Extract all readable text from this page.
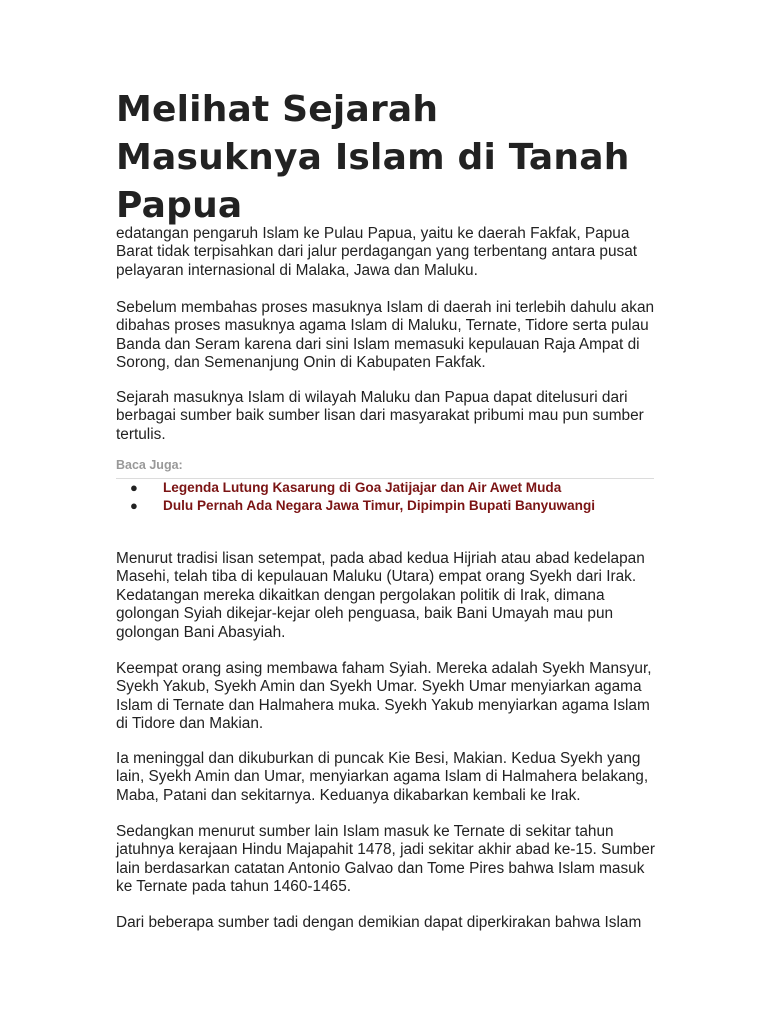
Melihat Sejarah Masuknya Islam di Tanah Papua

edatangan pengaruh Islam ke Pulau Papua, yaitu ke daerah Fakfak, Papua Barat tidak terpisahkan dari jalur perdagangan yang terbentang antara pusat pelayaran internasional di Malaka, Jawa dan Maluku.

Sebelum membahas proses masuknya Islam di daerah ini terlebih dahulu akan dibahas proses masuknya agama Islam di Maluku, Ternate, Tidore serta pulau Banda dan Seram karena dari sini Islam memasuki kepulauan Raja Ampat di Sorong, dan Semenanjung Onin di Kabupaten Fakfak.

Sejarah masuknya Islam di wilayah Maluku dan Papua dapat ditelusuri dari berbagai sumber baik sumber lisan dari masyarakat pribumi mau pun sumber tertulis.

Baca Juga:
● Legenda Lutung Kasarung di Goa Jatijajar dan Air Awet Muda
● Dulu Pernah Ada Negara Jawa Timur, Dipimpin Bupati Banyuwangi

Menurut tradisi lisan setempat, pada abad kedua Hijriah atau abad kedelapan Masehi, telah tiba di kepulauan Maluku (Utara) empat orang Syekh dari Irak. Kedatangan mereka dikaitkan dengan pergolakan politik di Irak, dimana golongan Syiah dikejar-kejar oleh penguasa, baik Bani Umayah mau pun golongan Bani Abasyiah.

Keempat orang asing membawa faham Syiah. Mereka adalah Syekh Mansyur, Syekh Yakub, Syekh Amin dan Syekh Umar. Syekh Umar menyiarkan agama Islam di Ternate dan Halmahera muka. Syekh Yakub menyiarkan agama Islam di Tidore dan Makian.

Ia meninggal dan dikuburkan di puncak Kie Besi, Makian. Kedua Syekh yang lain, Syekh Amin dan Umar, menyiarkan agama Islam di Halmahera belakang, Maba, Patani dan sekitarnya. Keduanya dikabarkan kembali ke Irak.

Sedangkan menurut sumber lain Islam masuk ke Ternate di sekitar tahun jatuhnya kerajaan Hindu Majapahit 1478, jadi sekitar akhir abad ke-15. Sumber lain berdasarkan catatan Antonio Galvao dan Tome Pires bahwa Islam masuk ke Ternate pada tahun 1460-1465.

Dari beberapa sumber tadi dengan demikian dapat diperkirakan bahwa Islam
